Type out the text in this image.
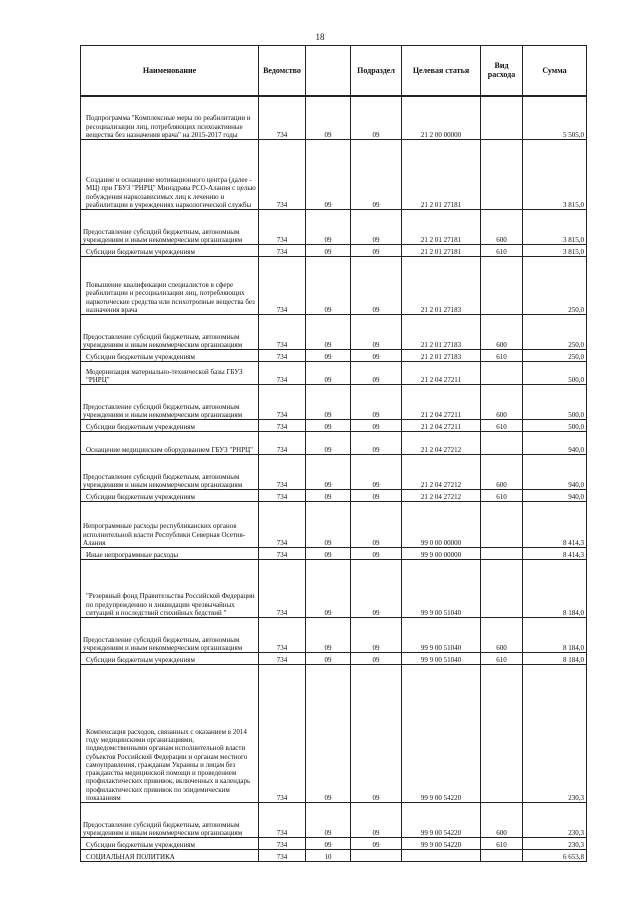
18
Наименование	Ведомство		Подраздел	Целевая статья	Вид расхода	Сумма
Подпрограмма "Комплексные меры по реабилитации и ресоциализации лиц, потребляющих психоактивные вещества без назначения врача" на 2015-2017 годы	734	09	09	21 2 00 00000		5 505,0
Создание и оснащение мотивационного центра (далее - МЦ) при ГБУЗ "РНРЦ" Минздрава РСО-Алания с целью побуждения наркозависимых лиц к лечению и реабилитации в учреждениях наркологической службы	734	09	09	21 2 01 27181		3 815,0
Предоставление субсидий бюджетным, автономным учреждениям и иным некоммерческим организациям	734	09	09	21 2 01 27181	600	3 815,0
Субсидии бюджетным учреждениям	734	09	09	21 2 01 27181	610	3 815,0
Повышение квалификации специалистов в сфере реабилитации и ресоциализации лиц, потребляющих наркотические средства или психотропные вещества без назначения врача	734	09	09	21 2 01 27183		250,0
Предоставление субсидий бюджетным, автономным учреждениям и иным некоммерческим организациям	734	09	09	21 2 01 27183	600	250,0
Субсидии бюджетным учреждениям	734	09	09	21 2 01 27183	610	250,0
Модернизация материально-технической базы ГБУЗ "РНРЦ"	734	09	09	21 2 04 27211		500,0
Предоставление субсидий бюджетным, автономным учреждениям и иным некоммерческим организациям	734	09	09	21 2 04 27211	600	500,0
Субсидии бюджетным учреждениям	734	09	09	21 2 04 27211	610	500,0
Оснащение медицинским оборудованием ГБУЗ "РНРЦ"	734	09	09	21 2 04 27212		940,0
Предоставление субсидий бюджетным, автономным учреждениям и иным некоммерческим организациям	734	09	09	21 2 04 27212	600	940,0
Субсидии бюджетным учреждениям	734	09	09	21 2 04 27212	610	940,0
Непрограммные расходы республиканских органов исполнительной власти Республики Северная Осетия-Алания	734	09	09	99 0 00 00000		8 414,3
Иные непрограммные расходы	734	09	09	99 9 00 00000		8 414,3
"Резервный фонд Правительства Российской Федерации по предупреждению и ликвидации чрезвычайных ситуаций и последствий стихийных бедствий "	734	09	09	99 9 00 51040		8 184,0
Предоставление субсидий бюджетным, автономным учреждениям и иным некоммерческим организациям	734	09	09	99 9 00 51040	600	8 184,0
Субсидии бюджетным учреждениям	734	09	09	99 9 00 51040	610	8 184,0
Компенсация расходов, связанных с оказанием в 2014 году медицинскими организациями, подведомственными органам исполнительной власти субъектов Российской Федерации и органам местного самоуправления, гражданам Украины и лицам без гражданства медицинской помощи и проведением профилактических прививок, включенных в календарь профилактических прививок по эпидемическим показаниям	734	09	09	99 9 00 54220		230,3
Предоставление субсидий бюджетным, автономным учреждениям и иным некоммерческим организациям	734	09	09	99 9 00 54220	600	230,3
Субсидии бюджетным учреждениям	734	09	09	99 9 00 54220	610	230,3
СОЦИАЛЬНАЯ ПОЛИТИКА	734	10				6 653,8
